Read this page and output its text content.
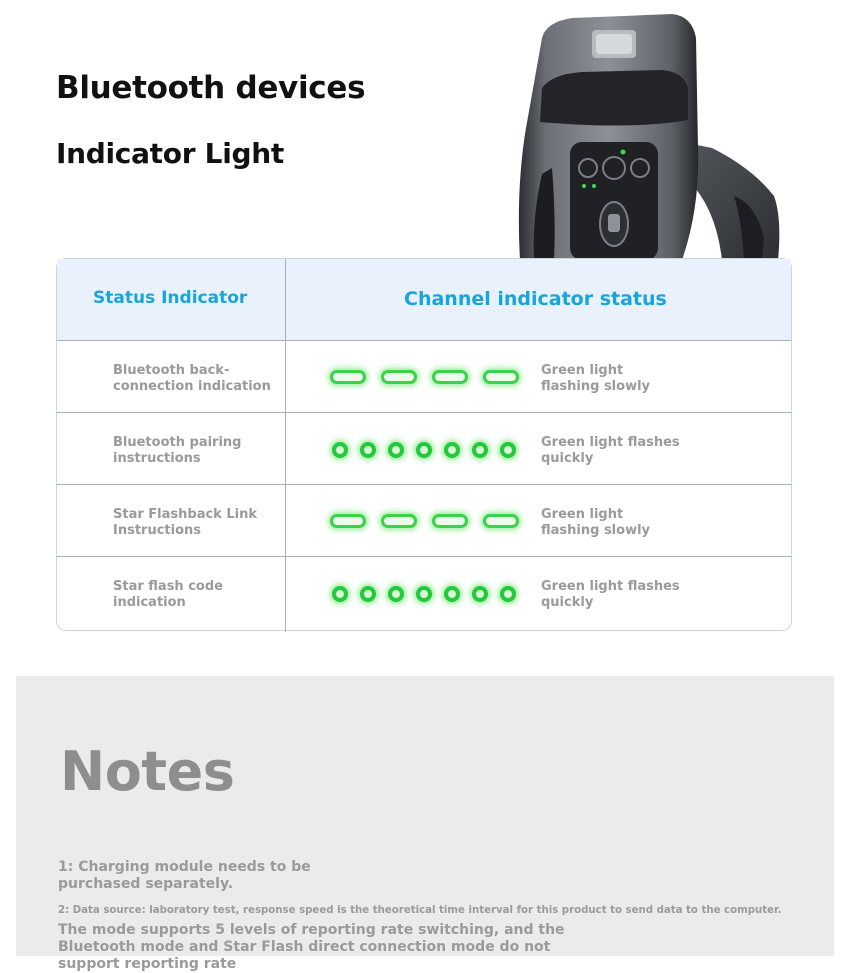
Bluetooth devices
Indicator Light
Status Indicator	Channel indicator status
Bluetooth back-connection indication
Green light flashing slowly
Bluetooth pairing instructions
Green light flashes quickly
Star Flashback Link Instructions
Green light flashing slowly
Star flash code indication
Green light flashes quickly
Notes
1: Charging module needs to be purchased separately.
2: Data source: laboratory test, response speed is the theoretical time interval for this product to send data to the computer.
The mode supports 5 levels of reporting rate switching, and the Bluetooth mode and Star Flash direct connection mode do not support reporting rate
